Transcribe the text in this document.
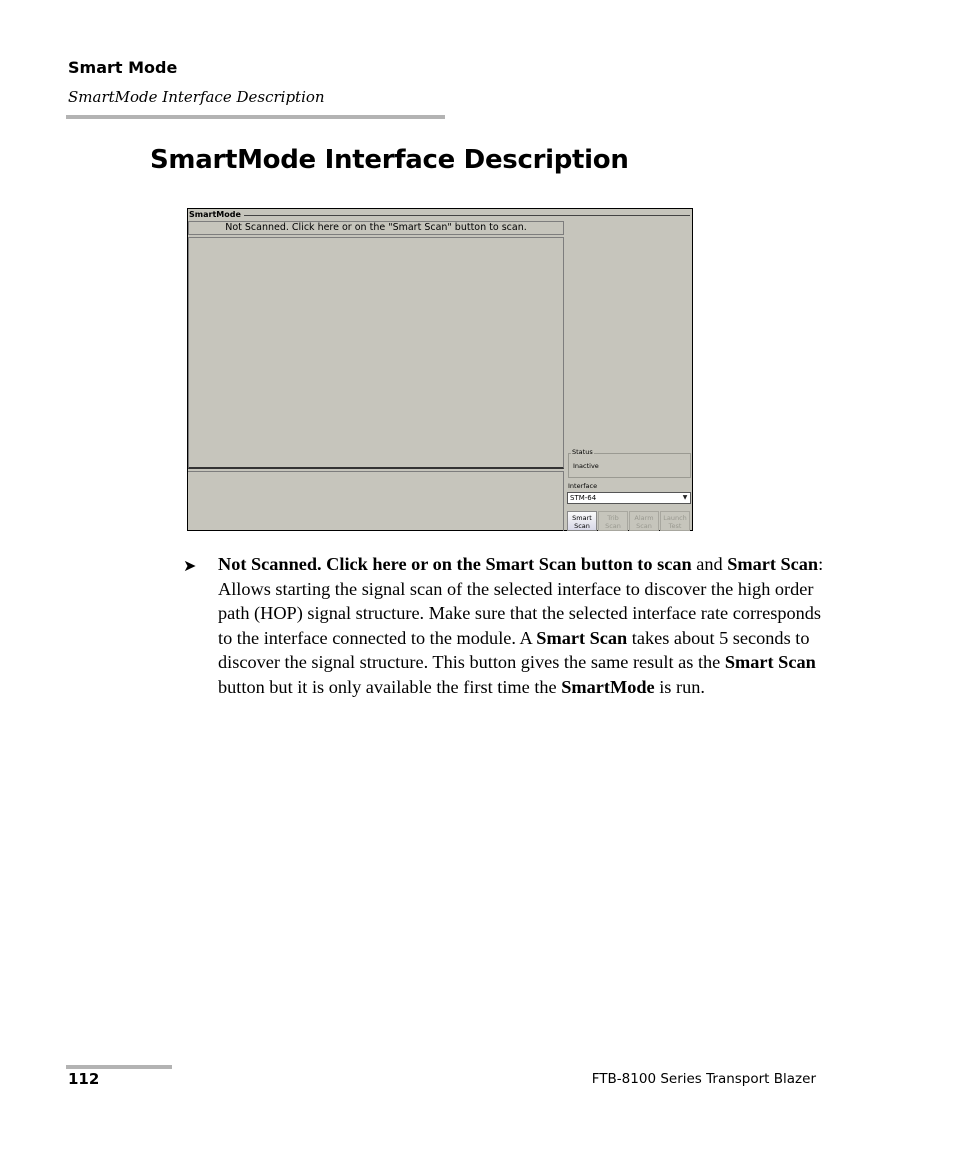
Smart Mode
SmartMode Interface Description
SmartMode Interface Description
SmartMode
Not Scanned. Click here or on the "Smart Scan" button to scan.
Status
Inactive
Interface
STM-64	▼
Smart
Scan
Trib
Scan
Alarm
Scan
Launch
Test
➤ Not Scanned. Click here or on the Smart Scan button to scan and Smart Scan: Allows starting the signal scan of the selected interface to discover the high order path (HOP) signal structure. Make sure that the selected interface rate corresponds to the interface connected to the module. A Smart Scan takes about 5 seconds to discover the signal structure. This button gives the same result as the Smart Scan button but it is only available the first time the SmartMode is run.
112	FTB-8100 Series Transport Blazer
